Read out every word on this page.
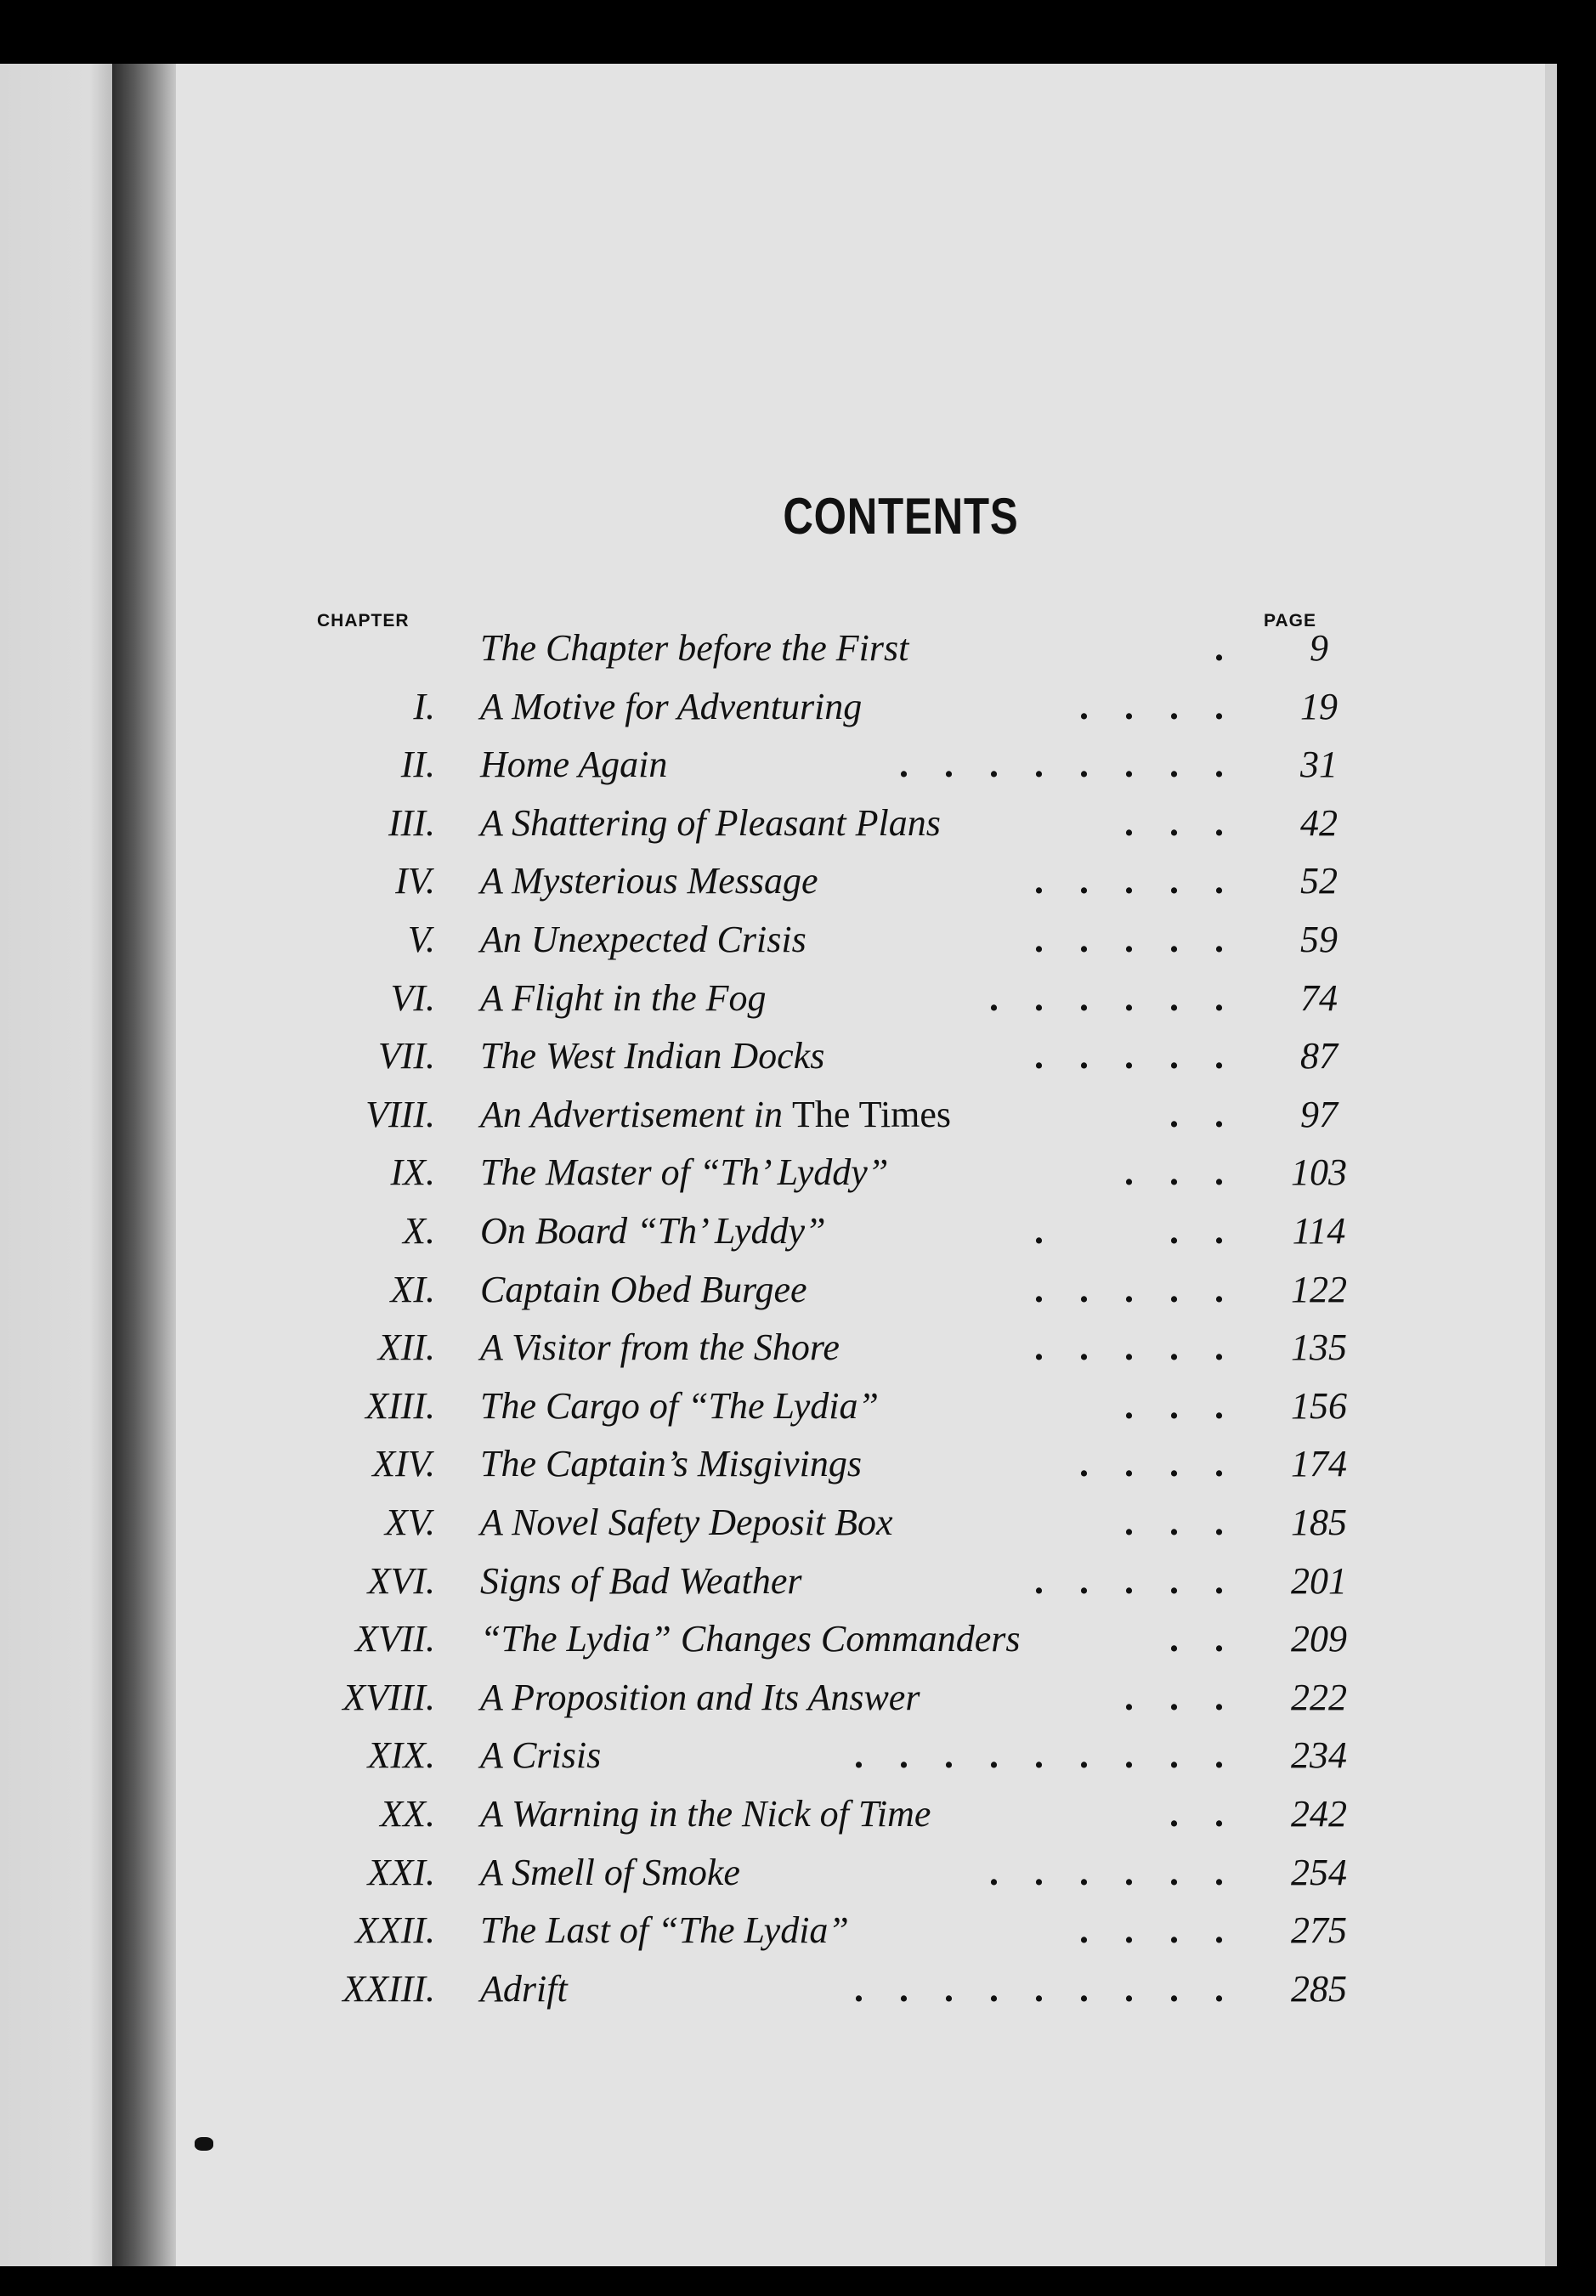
CONTENTS
CHAPTER	PAGE
The Chapter before the First	.	9
I. A Motive for Adventuring	. . . .	19
II. Home Again	. . . . . . . .	31
III. A Shattering of Pleasant Plans	. . .	42
IV. A Mysterious Message	. . . . .	52
V. An Unexpected Crisis	. . . . .	59
VI. A Flight in the Fog	. . . . . .	74
VII. The West Indian Docks	. . . . .	87
VIII. An Advertisement in The Times	. .	97
IX. The Master of “Th’ Lyddy”	. . .	103
X. On Board “Th’ Lyddy”	.	. .	114
XI. Captain Obed Burgee	. . . . .	122
XII. A Visitor from the Shore	. . . . .	135
XIII. The Cargo of “The Lydia”	. . .	156
XIV. The Captain’s Misgivings	. . . .	174
XV. A Novel Safety Deposit Box	. . .	185
XVI. Signs of Bad Weather	. . . . .	201
XVII. “The Lydia” Changes Commanders	. .	209
XVIII. A Proposition and Its Answer	. . .	222
XIX. A Crisis	. . . . . . . . .	234
XX. A Warning in the Nick of Time	. .	242
XXI. A Smell of Smoke	. . . . . .	254
XXII. The Last of “The Lydia”	. . . .	275
XXIII. Adrift	. . . . . . . . .	285
